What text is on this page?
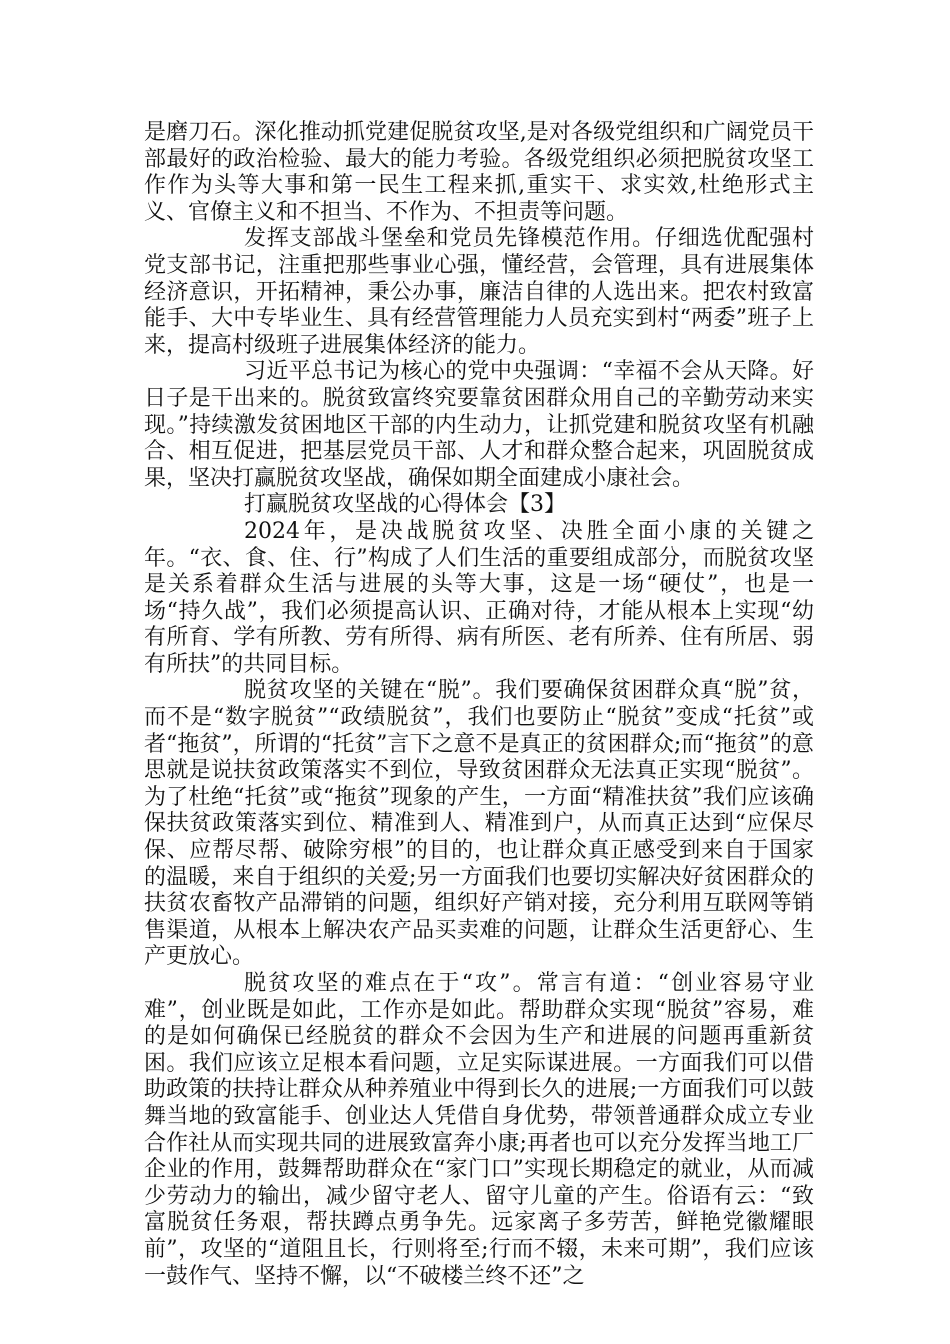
是磨刀石。深化推动抓党建促脱贫攻坚,是对各级党组织和广阔党员干部最好的政治检验、最大的能力考验。各级党组织必须把脱贫攻坚工作作为头等大事和第一民生工程来抓,重实干、求实效,杜绝形式主义、官僚主义和不担当、不作为、不担责等问题。

发挥支部战斗堡垒和党员先锋模范作用。仔细选优配强村党支部书记，注重把那些事业心强，懂经营，会管理，具有进展集体经济意识，开拓精神，秉公办事，廉洁自律的人选出来。把农村致富能手、大中专毕业生、具有经营管理能力人员充实到村“两委”班子上来，提高村级班子进展集体经济的能力。

习近平总书记为核心的党中央强调：“幸福不会从天降。好日子是干出来的。脱贫致富终究要靠贫困群众用自己的辛勤劳动来实现。”持续激发贫困地区干部的内生动力，让抓党建和脱贫攻坚有机融合、相互促进，把基层党员干部、人才和群众整合起来，巩固脱贫成果，坚决打赢脱贫攻坚战，确保如期全面建成小康社会。

打赢脱贫攻坚战的心得体会【3】

2024年，是决战脱贫攻坚、决胜全面小康的关键之年。“衣、食、住、行”构成了人们生活的重要组成部分，而脱贫攻坚是关系着群众生活与进展的头等大事，这是一场“硬仗”，也是一场“持久战”，我们必须提高认识、正确对待，才能从根本上实现“幼有所育、学有所教、劳有所得、病有所医、老有所养、住有所居、弱有所扶”的共同目标。

脱贫攻坚的关键在“脱”。我们要确保贫困群众真“脱”贫，而不是“数字脱贫”“政绩脱贫”，我们也要防止“脱贫”变成“托贫”或者“拖贫”，所谓的“托贫”言下之意不是真正的贫困群众;而“拖贫”的意思就是说扶贫政策落实不到位，导致贫困群众无法真正实现“脱贫”。为了杜绝“托贫”或“拖贫”现象的产生，一方面“精准扶贫”我们应该确保扶贫政策落实到位、精准到人、精准到户，从而真正达到“应保尽保、应帮尽帮、破除穷根”的目的，也让群众真正感受到来自于国家的温暖，来自于组织的关爱;另一方面我们也要切实解决好贫困群众的扶贫农畜牧产品滞销的问题，组织好产销对接，充分利用互联网等销售渠道，从根本上解决农产品买卖难的问题，让群众生活更舒心、生产更放心。

脱贫攻坚的难点在于“攻”。常言有道：“创业容易守业难”，创业既是如此，工作亦是如此。帮助群众实现“脱贫”容易，难的是如何确保已经脱贫的群众不会因为生产和进展的问题再重新贫困。我们应该立足根本看问题，立足实际谋进展。一方面我们可以借助政策的扶持让群众从种养殖业中得到长久的进展;一方面我们可以鼓舞当地的致富能手、创业达人凭借自身优势，带领普通群众成立专业合作社从而实现共同的进展致富奔小康;再者也可以充分发挥当地工厂企业的作用，鼓舞帮助群众在“家门口”实现长期稳定的就业，从而减少劳动力的输出，减少留守老人、留守儿童的产生。俗语有云：“致富脱贫任务艰，帮扶蹲点勇争先。远家离子多劳苦，鲜艳党徽耀眼前”，攻坚的“道阻且长，行则将至;行而不辍，未来可期”，我们应该一鼓作气、坚持不懈，以“不破楼兰终不还”之
